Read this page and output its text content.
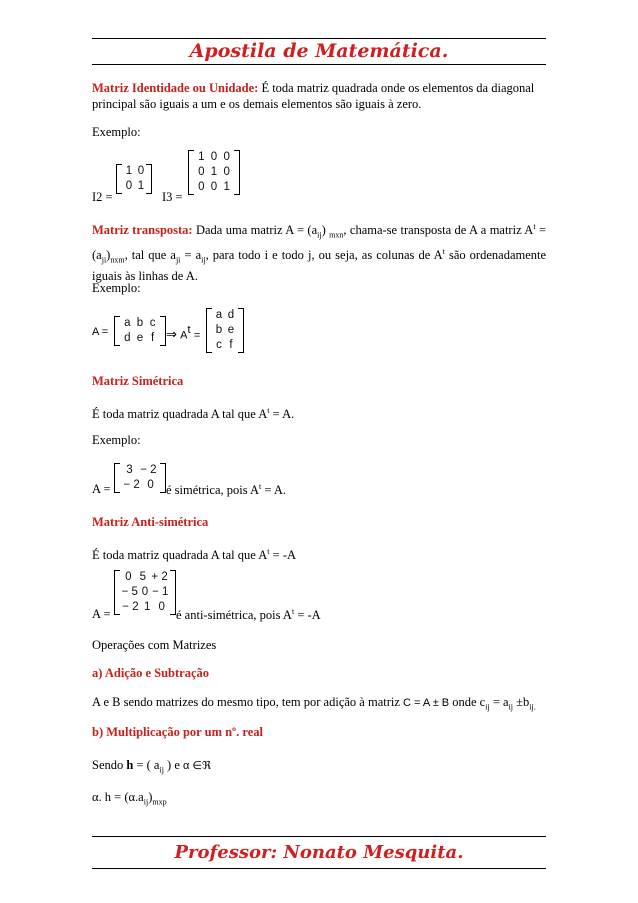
Apostila de Matemática.

Matriz Identidade ou Unidade: É toda matriz quadrada onde os elementos da diagonal principal são iguais a um e os demais elementos são iguais à zero.

Exemplo:

1 0
0 1
I2 =	I3 =
1 0 0
0 1 0
0 0 1

Matriz transposta: Dada uma matriz $A = (a_{ij})$ $_{mxn}$, chama-se transposta de A a matriz $A^t = (a_{ji})_{nxm}$, tal que $a_{ji} = a_{ij}$, para todo i e todo j, ou seja, as colunas de $A^t$ são ordenadamente iguais às linhas de A.

Exemplo:

A =
a b c
d e f ⇒ $A^t$ =
a d
b e
c f

Matriz Simétrica

É toda matriz quadrada A tal que $A^t = A$.

Exemplo:

A =
3 − 2
− 2 0 é simétrica, pois $A^t = A$.

Matriz Anti-simétrica

É toda matriz quadrada A tal que $A^t = -A$

A =
0 5 + 2
− 5 0 − 1
− 2 1 0
é anti-simétrica, pois $A^t = -A$

Operações com Matrizes

a) Adição e Subtração

A e B sendo matrizes do mesmo tipo, tem por adição à matriz C = A ± B onde $c_{ij} = a_{ij} \pm b_{ij.}$

b) Multiplicação por um nº. real

Sendo h = ( $a_{ij}$ ) e α ∈ℜ

α. $h = (\alpha.a_{ij})_{mxp}$

Professor: Nonato Mesquita.
